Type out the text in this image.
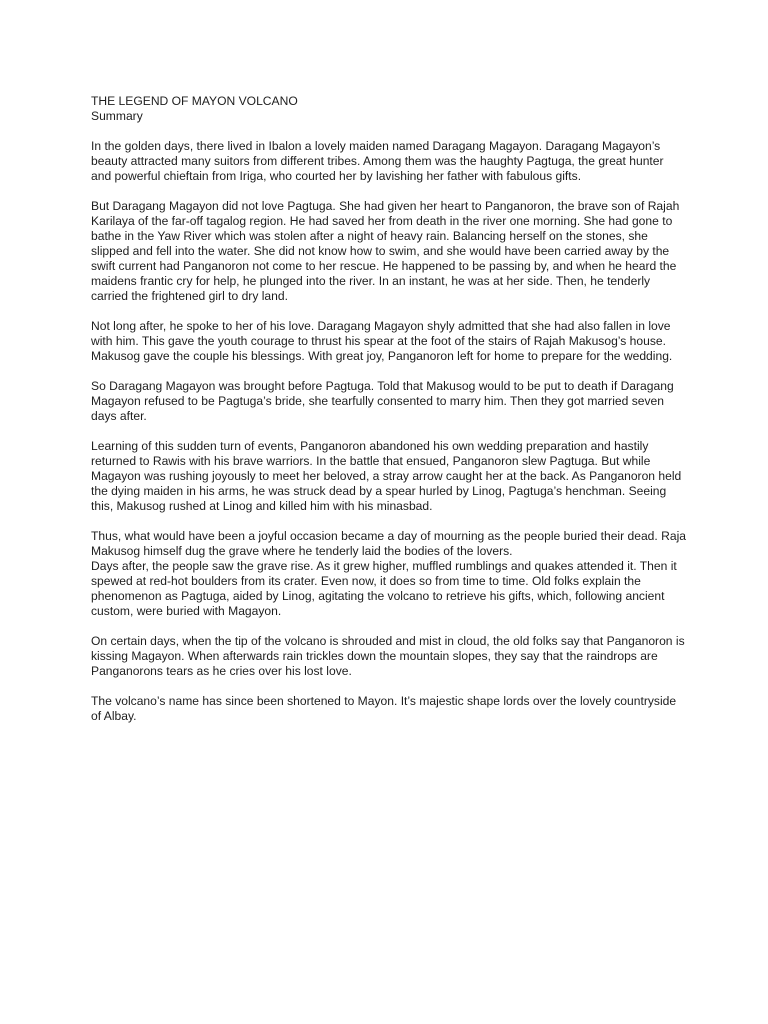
THE LEGEND OF MAYON VOLCANO
Summary
In the golden days, there lived in Ibalon a lovely maiden named Daragang Magayon. Daragang Magayon’s
beauty attracted many suitors from different tribes. Among them was the haughty Pagtuga, the great hunter
and powerful chieftain from Iriga, who courted her by lavishing her father with fabulous gifts.
But Daragang Magayon did not love Pagtuga. She had given her heart to Panganoron, the brave son of Rajah
Karilaya of the far-off tagalog region. He had saved her from death in the river one morning. She had gone to
bathe in the Yaw River which was stolen after a night of heavy rain. Balancing herself on the stones, she
slipped and fell into the water. She did not know how to swim, and she would have been carried away by the
swift current had Panganoron not come to her rescue. He happened to be passing by, and when he heard the
maidens frantic cry for help, he plunged into the river. In an instant, he was at her side. Then, he tenderly
carried the frightened girl to dry land.
Not long after, he spoke to her of his love. Daragang Magayon shyly admitted that she had also fallen in love
with him. This gave the youth courage to thrust his spear at the foot of the stairs of Rajah Makusog’s house.
Makusog gave the couple his blessings. With great joy, Panganoron left for home to prepare for the wedding.
So Daragang Magayon was brought before Pagtuga. Told that Makusog would to be put to death if Daragang
Magayon refused to be Pagtuga’s bride, she tearfully consented to marry him. Then they got married seven
days after.
Learning of this sudden turn of events, Panganoron abandoned his own wedding preparation and hastily
returned to Rawis with his brave warriors. In the battle that ensued, Panganoron slew Pagtuga. But while
Magayon was rushing joyously to meet her beloved, a stray arrow caught her at the back. As Panganoron held
the dying maiden in his arms, he was struck dead by a spear hurled by Linog, Pagtuga’s henchman. Seeing
this, Makusog rushed at Linog and killed him with his minasbad.
Thus, what would have been a joyful occasion became a day of mourning as the people buried their dead. Raja
Makusog himself dug the grave where he tenderly laid the bodies of the lovers.
Days after, the people saw the grave rise. As it grew higher, muffled rumblings and quakes attended it. Then it
spewed at red-hot boulders from its crater. Even now, it does so from time to time. Old folks explain the
phenomenon as Pagtuga, aided by Linog, agitating the volcano to retrieve his gifts, which, following ancient
custom, were buried with Magayon.
On certain days, when the tip of the volcano is shrouded and mist in cloud, the old folks say that Panganoron is
kissing Magayon. When afterwards rain trickles down the mountain slopes, they say that the raindrops are
Panganorons tears as he cries over his lost love.
The volcano’s name has since been shortened to Mayon. It’s majestic shape lords over the lovely countryside
of Albay.
